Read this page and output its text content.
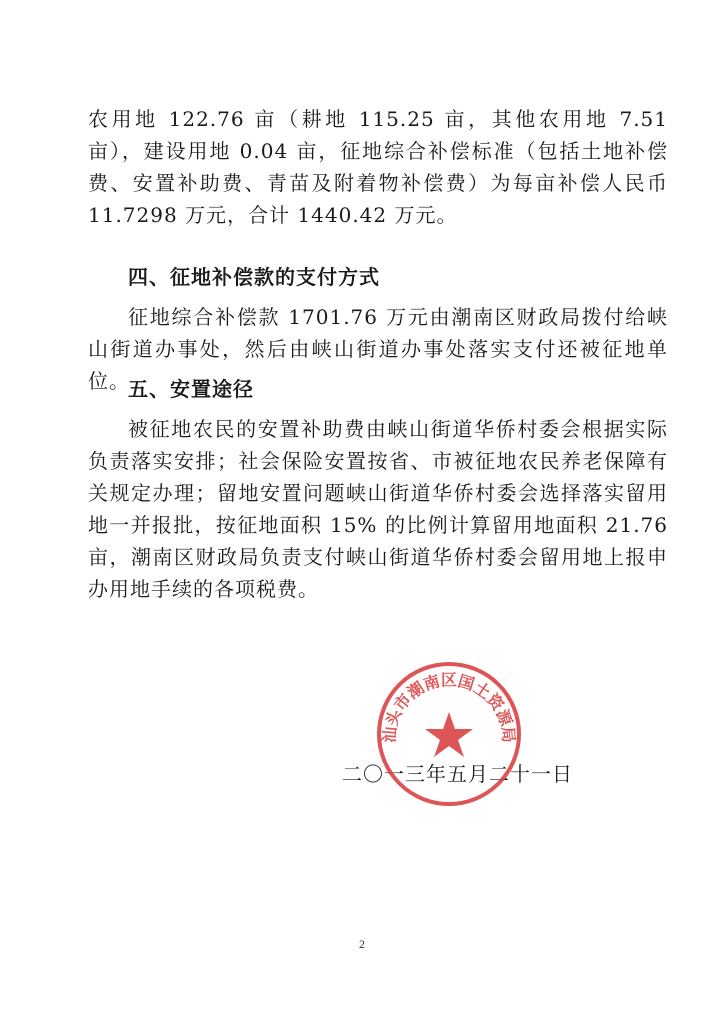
农用地 122.76 亩（耕地 115.25 亩，其他农用地 7.51 亩），建设用地 0.04 亩，征地综合补偿标准（包括土地补偿费、安置补助费、青苗及附着物补偿费）为每亩补偿人民币 11.7298 万元，合计 1440.42 万元。

四、征地补偿款的支付方式

征地综合补偿款 1701.76 万元由潮南区财政局拨付给峡山街道办事处，然后由峡山街道办事处落实支付还被征地单位。

五、安置途径

被征地农民的安置补助费由峡山街道华侨村委会根据实际负责落实安排；社会保险安置按省、市被征地农民养老保障有关规定办理；留地安置问题峡山街道华侨村委会选择落实留用地一并报批，按征地面积 15% 的比例计算留用地面积 21.76 亩，潮南区财政局负责支付峡山街道华侨村委会留用地上报申办用地手续的各项税费。

二〇一三年五月二十一日

汕头市潮南区国土资源局
2
